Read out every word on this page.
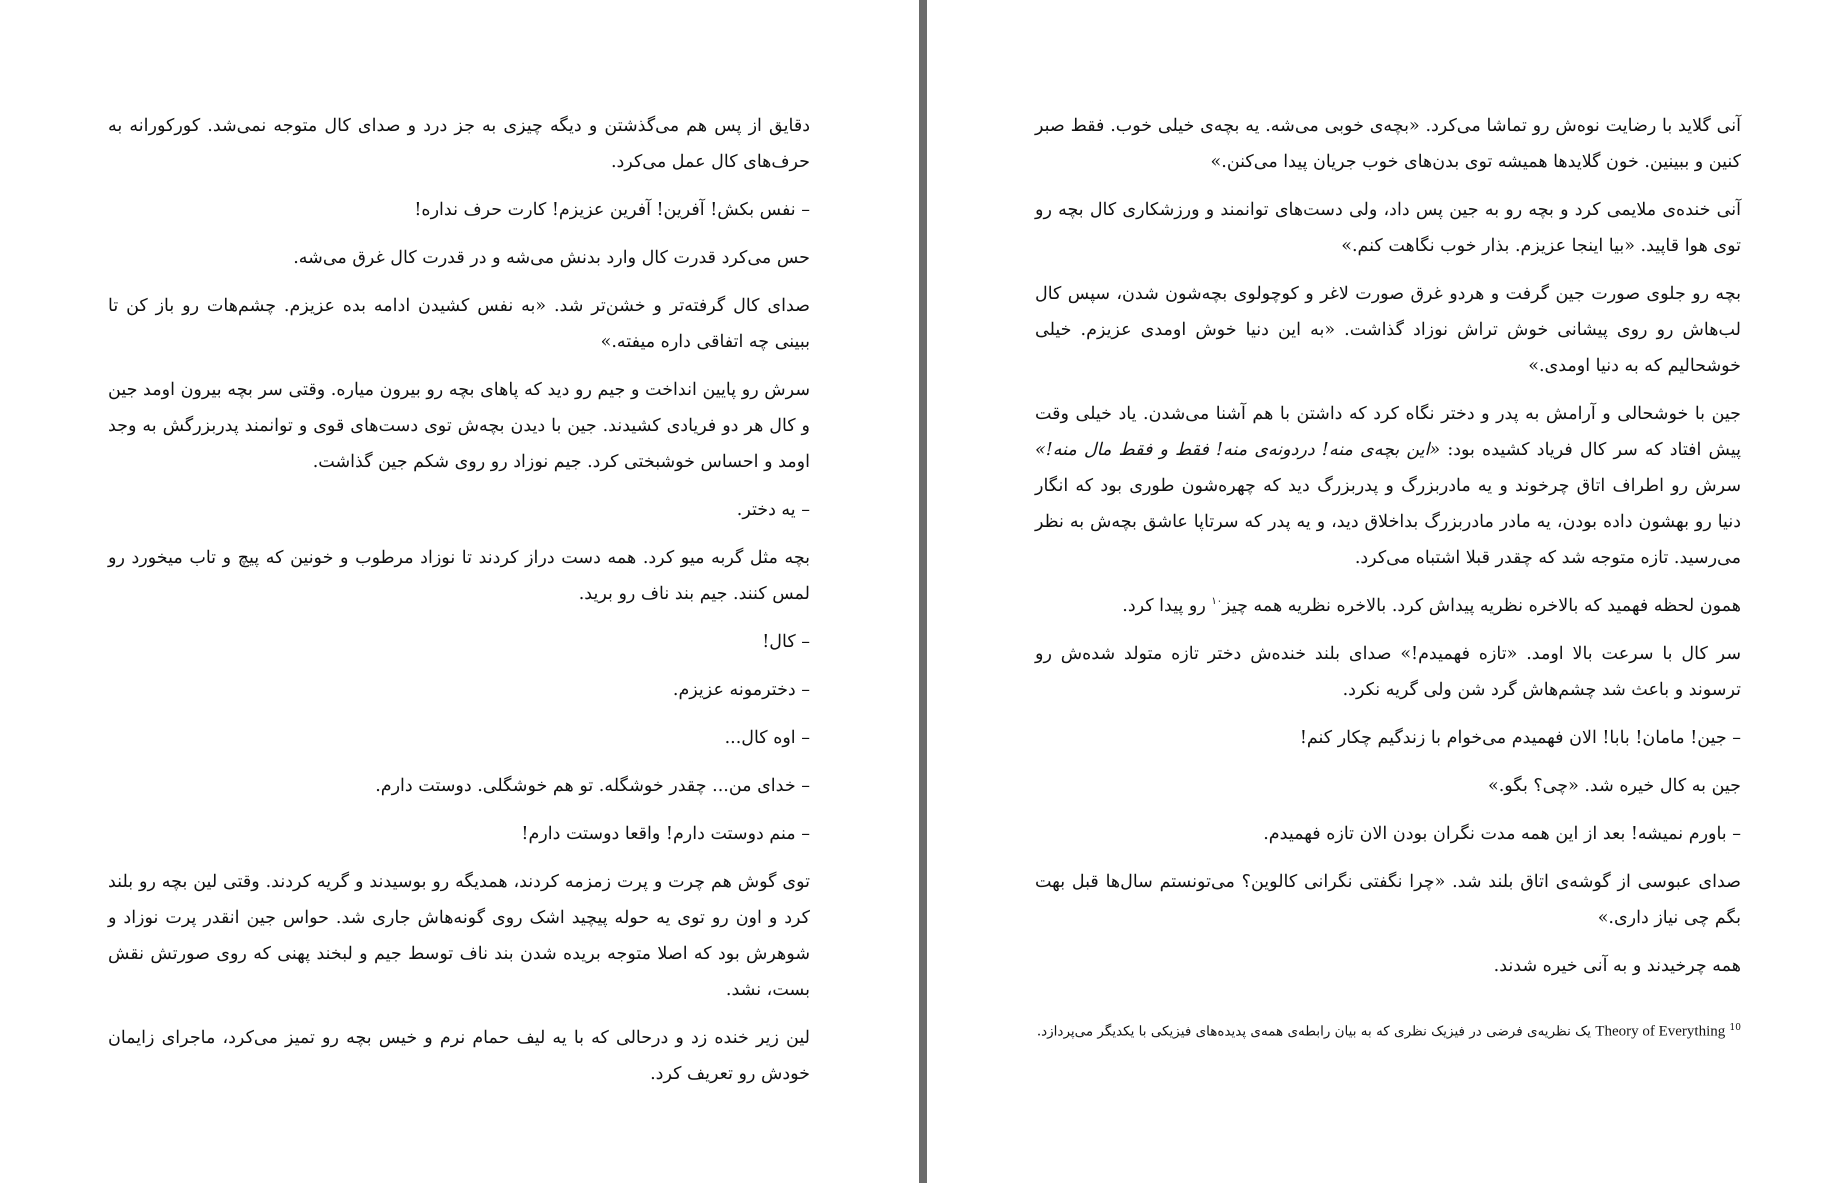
دقایق از پس هم می‌گذشتن و دیگه چیزی به جز درد و صدای کال متوجه نمی‌شد. کورکورانه به حرف‌های کال عمل می‌کرد.

– نفس بکش! آفرین! آفرین عزیزم! کارت حرف نداره!

حس می‌کرد قدرت کال وارد بدنش می‌شه و در قدرت کال غرق می‌شه.

صدای کال گرفته‌تر و خشن‌تر شد. «به نفس کشیدن ادامه بده عزیزم. چشم‌هات رو باز کن تا ببینی چه اتفاقی داره میفته.»

سرش رو پایین انداخت و جیم رو دید که پاهای بچه رو بیرون میاره. وقتی سر بچه بیرون اومد جین و کال هر دو فریادی کشیدند. جین با دیدن بچه‌ش توی دست‌های قوی و توانمند پدربزرگش به وجد اومد و احساس خوشبختی کرد. جیم نوزاد رو روی شکم جین گذاشت.

– یه دختر.

بچه مثل گربه میو کرد. همه دست دراز کردند تا نوزاد مرطوب و خونین که پیچ و تاب میخورد رو لمس کنند. جیم بند ناف رو برید.

– کال!

– دخترمونه عزیزم.

– اوه کال...

– خدای من... چقدر خوشگله. تو هم خوشگلی. دوستت دارم.

– منم دوستت دارم! واقعا دوستت دارم!

توی گوش هم چرت و پرت زمزمه کردند، همدیگه رو بوسیدند و گریه کردند. وقتی لین بچه رو بلند کرد و اون رو توی یه حوله پیچید اشک روی گونه‌هاش جاری شد. حواس جین انقدر پرت نوزاد و شوهرش بود که اصلا متوجه بریده شدن بند ناف توسط جیم و لبخند پهنی که روی صورتش نقش بست، نشد.

لین زیر خنده زد و درحالی که با یه لیف حمام نرم و خیس بچه رو تمیز می‌کرد، ماجرای زایمان خودش رو تعریف کرد.

آنی گلاید با رضایت نوه‌ش رو تماشا می‌کرد. «بچه‌ی خوبی می‌شه. یه بچه‌ی خیلی خوب. فقط صبر کنین و ببینین. خون گلایدها همیشه توی بدن‌های خوب جریان پیدا می‌کنن.»

آنی خنده‌ی ملایمی کرد و بچه رو به جین پس داد، ولی دست‌های توانمند و ورزشکاری کال بچه رو توی هوا قاپید. «بیا اینجا عزیزم. بذار خوب نگاهت کنم.»

بچه رو جلوی صورت جین گرفت و هردو غرق صورت لاغر و کوچولوی بچه‌شون شدن، سپس کال لب‌هاش رو روی پیشانی خوش تراش نوزاد گذاشت. «به این دنیا خوش اومدی عزیزم. خیلی خوشحالیم که به دنیا اومدی.»

جین با خوشحالی و آرامش به پدر و دختر نگاه کرد که داشتن با هم آشنا می‌شدن. یاد خیلی وقت پیش افتاد که سر کال فریاد کشیده بود: «این بچه‌ی منه! دردونه‌ی منه! فقط و فقط مال منه!» سرش رو اطراف اتاق چرخوند و یه مادربزرگ و پدربزرگ دید که چهره‌شون طوری بود که انگار دنیا رو بهشون داده بودن، یه مادر مادربزرگ بداخلاق دید، و یه پدر که سرتاپا عاشق بچه‌ش به نظر می‌رسید. تازه متوجه شد که چقدر قبلا اشتباه می‌کرد.

همون لحظه فهمید که بالاخره نظریه پیداش کرد. بالاخره نظریه همه چیز$^{۱۰}$ رو پیدا کرد.

سر کال با سرعت بالا اومد. «تازه فهمیدم!» صدای بلند خنده‌ش دختر تازه متولد شده‌ش رو ترسوند و باعث شد چشم‌هاش گرد شن ولی گریه نکرد.

– جین! مامان! بابا! الان فهمیدم می‌خوام با زندگیم چکار کنم!

جین به کال خیره شد. «چی؟ بگو.»

– باورم نمیشه! بعد از این همه مدت نگران بودن الان تازه فهمیدم.

صدای عبوسی از گوشه‌ی اتاق بلند شد. «چرا نگفتی نگرانی کالوین؟ می‌تونستم سال‌ها قبل بهت بگم چی نیاز داری.»

همه چرخیدند و به آنی خیره شدند.

$^{10}$ Theory of Everything یک نظریه‌ی فرضی در فیزیک نظری که به بیان رابطه‌ی همه‌ی پدیده‌های فیزیکی با یکدیگر می‌پردازد.
